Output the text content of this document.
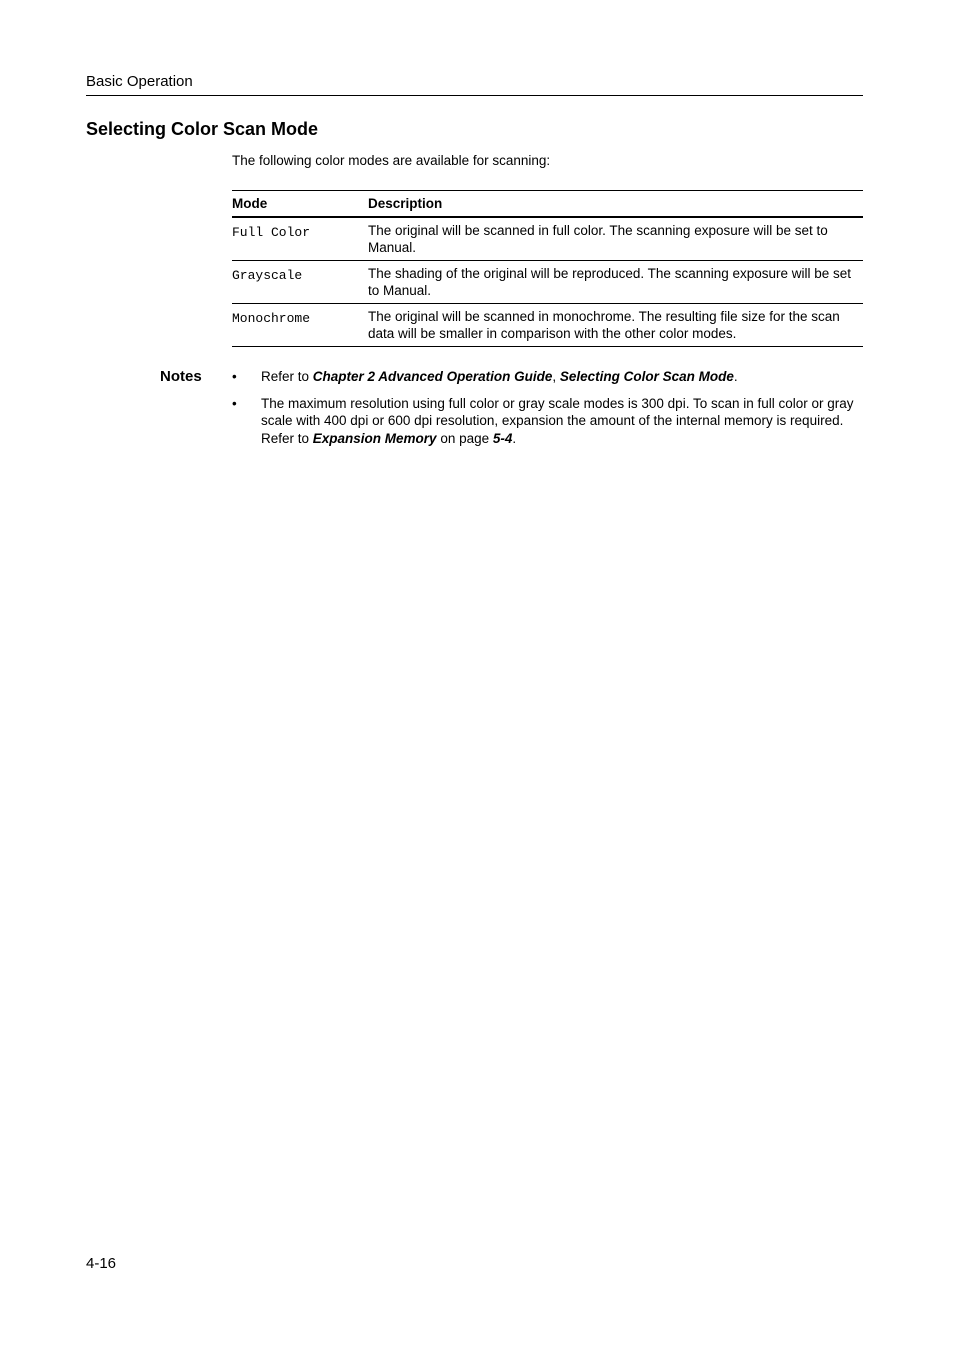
Basic Operation
Selecting Color Scan Mode
The following color modes are available for scanning:
Mode	Description
Full Color	The original will be scanned in full color. The scanning exposure will be set to Manual.
Grayscale	The shading of the original will be reproduced. The scanning exposure will be set to Manual.
Monochrome	The original will be scanned in monochrome. The resulting file size for the scan data will be smaller in comparison with the other color modes.
Notes • Refer to Chapter 2 Advanced Operation Guide, Selecting Color Scan Mode.
• The maximum resolution using full color or gray scale modes is 300 dpi. To scan in full color or gray scale with 400 dpi or 600 dpi resolution, expansion the amount of the internal memory is required. Refer to Expansion Memory on page 5-4.
4-16
